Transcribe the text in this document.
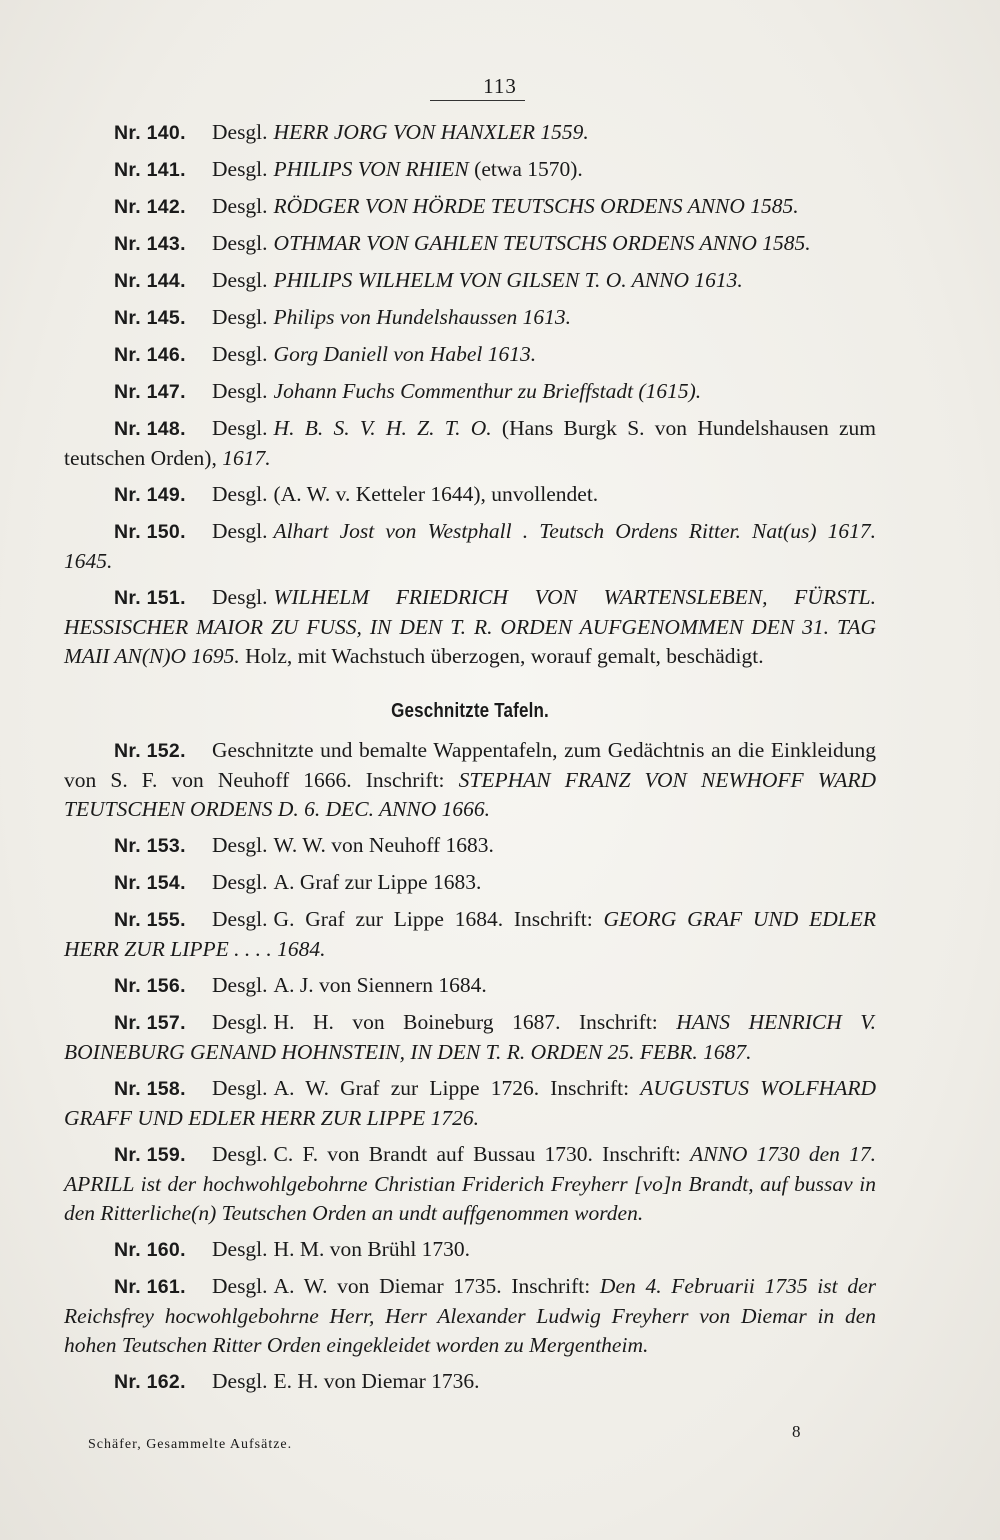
113

Nr. 140. Desgl. HERR JORG VON HANXLER 1559.

Nr. 141. Desgl. PHILIPS VON RHIEN (etwa 1570).

Nr. 142. Desgl. RÖDGER VON HÖRDE TEUTSCHS ORDENS ANNO 1585.

Nr. 143. Desgl. OTHMAR VON GAHLEN TEUTSCHS ORDENS ANNO 1585.

Nr. 144. Desgl. PHILIPS WILHELM VON GILSEN T. O. ANNO 1613.

Nr. 145. Desgl. Philips von Hundelshaussen 1613.

Nr. 146. Desgl. Gorg Daniell von Habel 1613.

Nr. 147. Desgl. Johann Fuchs Commenthur zu Brieffstadt (1615).

Nr. 148. Desgl. H. B. S. V. H. Z. T. O. (Hans Burgk S. von Hundelshausen zum teutschen Orden), 1617.

Nr. 149. Desgl. (A. W. v. Ketteler 1644), unvollendet.

Nr. 150. Desgl. Alhart Jost von Westphall . Teutsch Ordens Ritter. Nat(us) 1617. 1645.

Nr. 151. Desgl. WILHELM FRIEDRICH VON WARTENSLEBEN, FÜRSTL. HESSISCHER MAIOR ZU FUSS, IN DEN T. R. ORDEN AUFGENOMMEN DEN 31. TAG MAII AN(N)O 1695. Holz, mit Wachstuch überzogen, worauf gemalt, beschädigt.

Geschnitzte Tafeln.

Nr. 152. Geschnitzte und bemalte Wappentafeln, zum Gedächtnis an die Einkleidung von S. F. von Neuhoff 1666. Inschrift: STEPHAN FRANZ VON NEWHOFF WARD TEUTSCHEN ORDENS D. 6. DEC. ANNO 1666.

Nr. 153. Desgl. W. W. von Neuhoff 1683.

Nr. 154. Desgl. A. Graf zur Lippe 1683.

Nr. 155. Desgl. G. Graf zur Lippe 1684. Inschrift: GEORG GRAF UND EDLER HERR ZUR LIPPE . . . . 1684.

Nr. 156. Desgl. A. J. von Siennern 1684.

Nr. 157. Desgl. H. H. von Boineburg 1687. Inschrift: HANS HENRICH V. BOINEBURG GENAND HOHNSTEIN, IN DEN T. R. ORDEN 25. FEBR. 1687.

Nr. 158. Desgl. A. W. Graf zur Lippe 1726. Inschrift: AUGUSTUS WOLFHARD GRAFF UND EDLER HERR ZUR LIPPE 1726.

Nr. 159. Desgl. C. F. von Brandt auf Bussau 1730. Inschrift: ANNO 1730 den 17. APRILL ist der hochwohlgebohrne Christian Friderich Freyherr [vo]n Brandt, auf bussav in den Ritterliche(n) Teutschen Orden an undt auffgenommen worden.

Nr. 160. Desgl. H. M. von Brühl 1730.

Nr. 161. Desgl. A. W. von Diemar 1735. Inschrift: Den 4. Februarii 1735 ist der Reichsfrey hocwohlgebohrne Herr, Herr Alexander Ludwig Freyherr von Diemar in den hohen Teutschen Ritter Orden eingekleidet worden zu Mergentheim.

Nr. 162. Desgl. E. H. von Diemar 1736.

Schäfer, Gesammelte Aufsätze.
8
